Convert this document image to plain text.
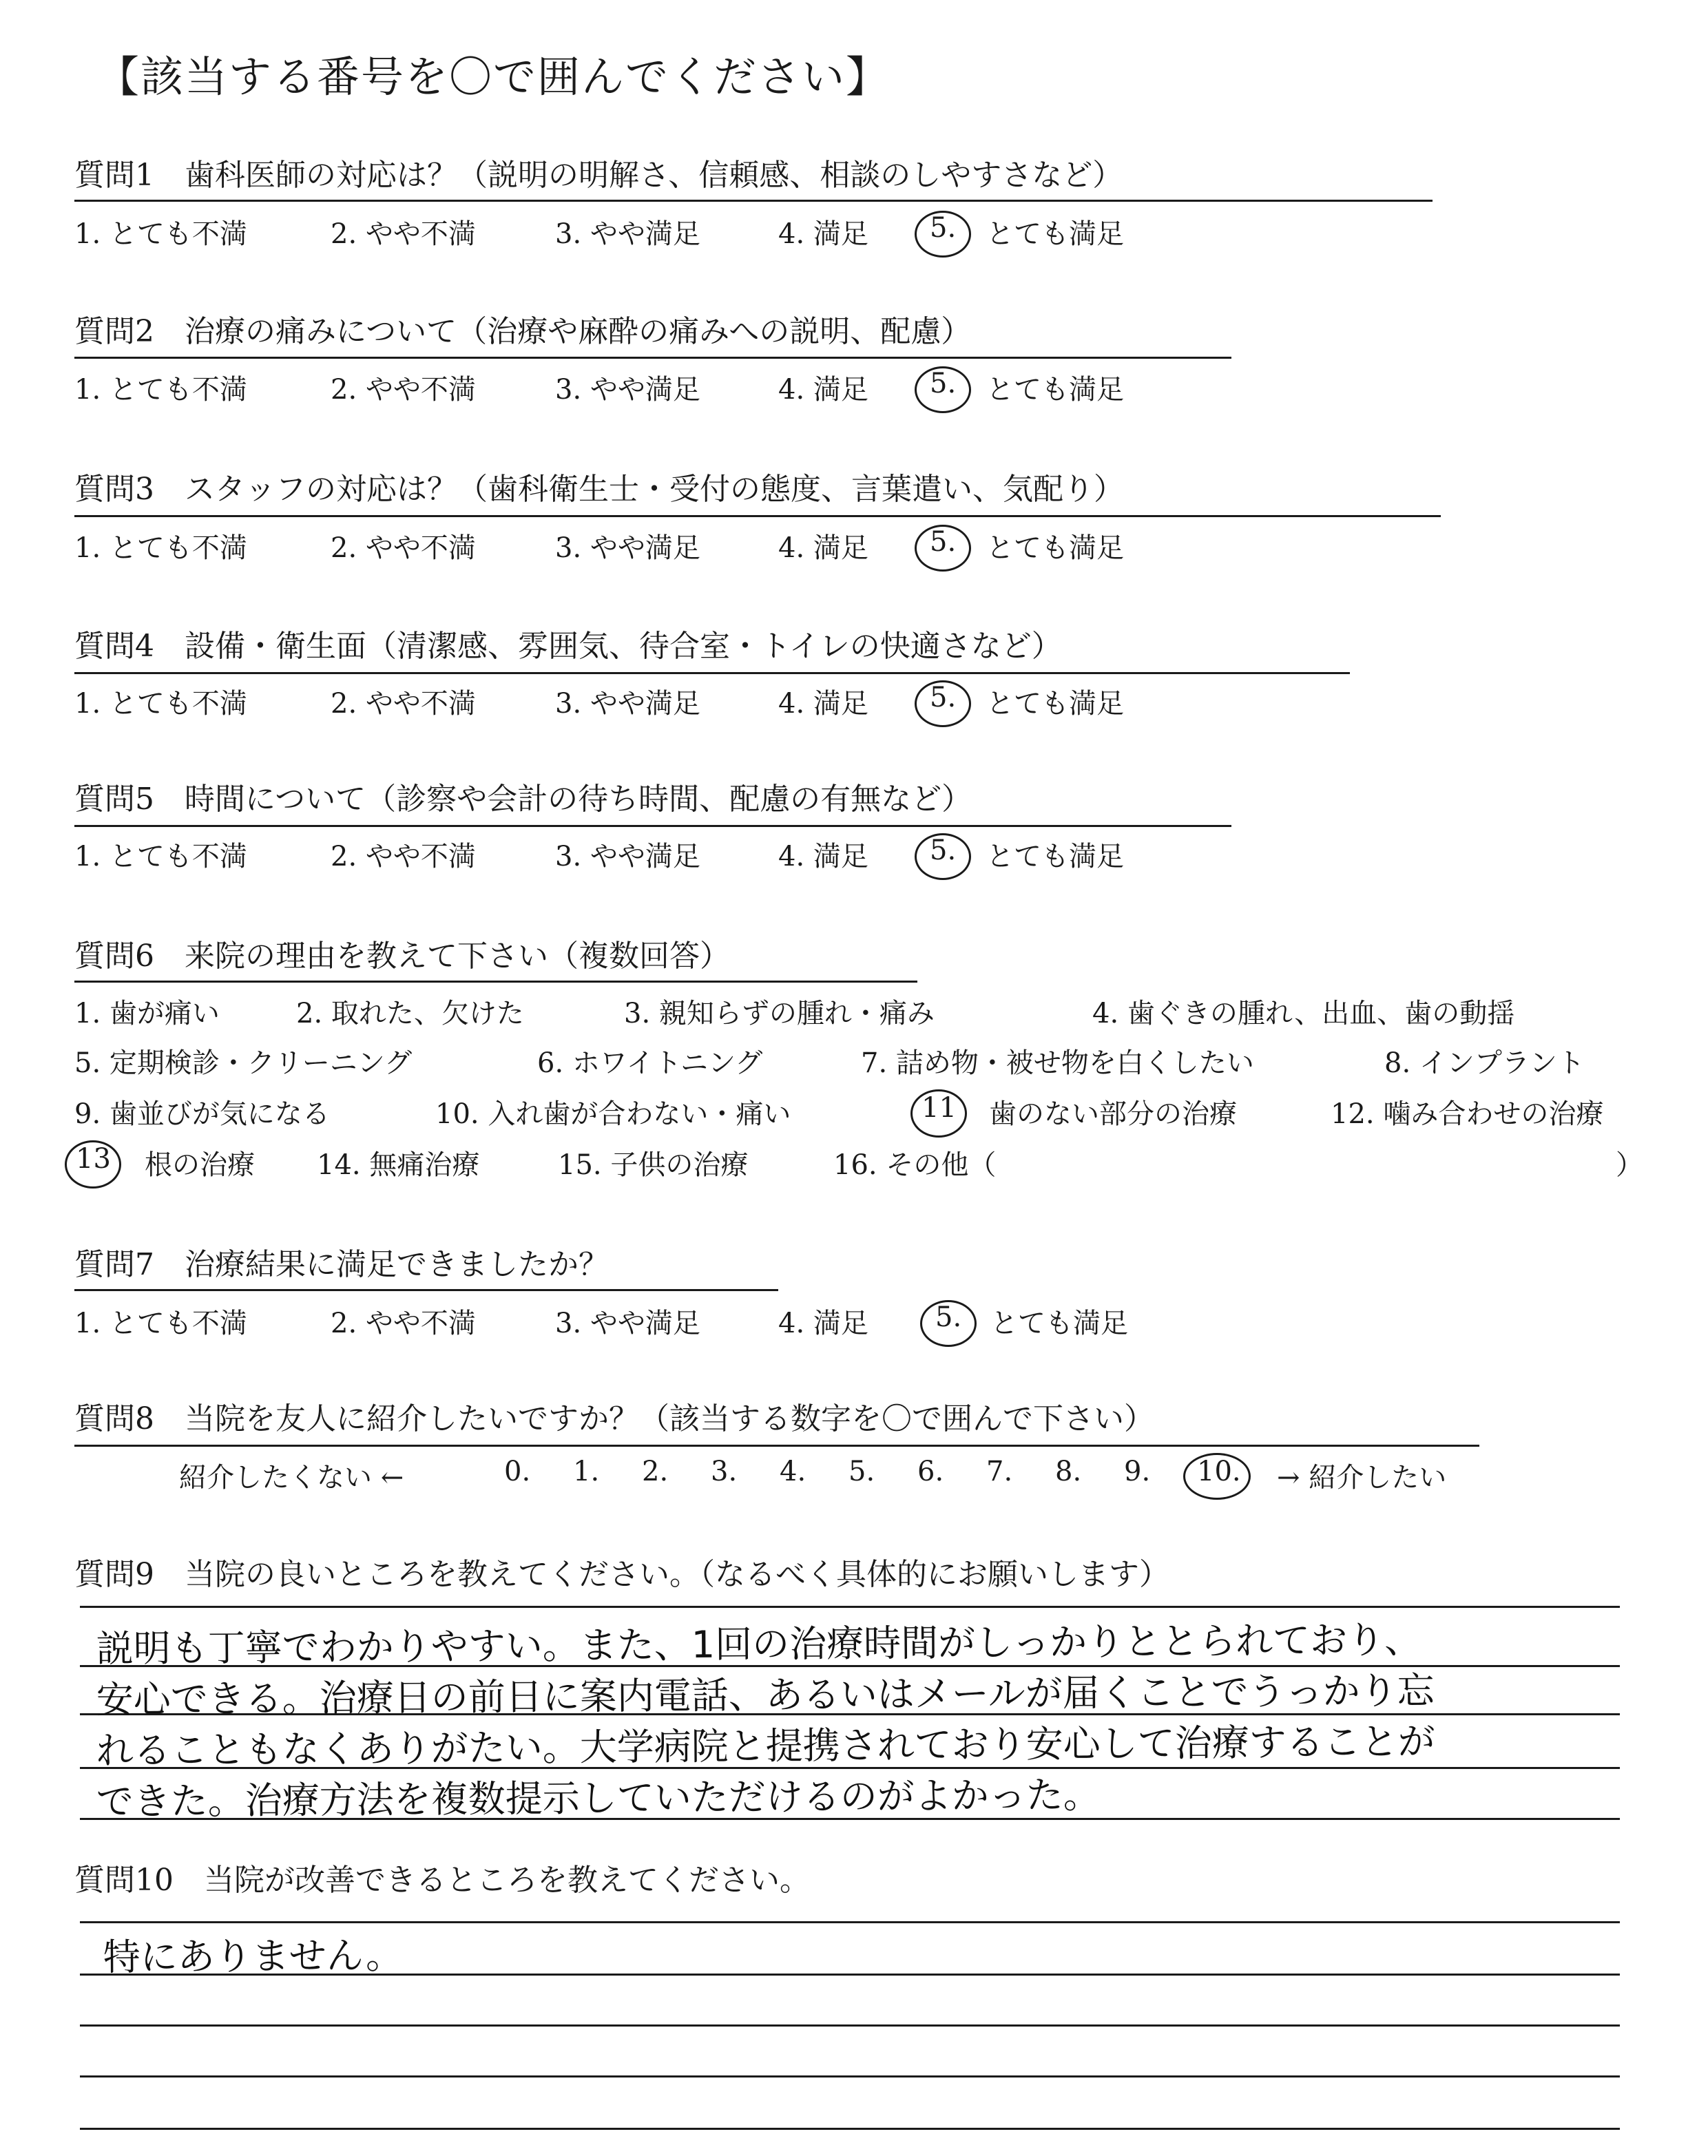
【該当する番号を〇で囲んでください】
質問1　歯科医師の対応は？（説明の明解さ、信頼感、相談のしやすさなど）
1. とても不満	2. やや不満	3. やや満足	4. 満足 5. とても満足
質問2　治療の痛みについて（治療や麻酔の痛みへの説明、配慮）
1. とても不満	2. やや不満	3. やや満足	4. 満足 5. とても満足
質問3　スタッフの対応は？（歯科衛生士・受付の態度、言葉遣い、気配り）
1. とても不満	2. やや不満	3. やや満足	4. 満足 5. とても満足
質問4　設備・衛生面（清潔感、雰囲気、待合室・トイレの快適さなど）
1. とても不満	2. やや不満	3. やや満足	4. 満足 5. とても満足
質問5　時間について（診察や会計の待ち時間、配慮の有無など）
1. とても不満	2. やや不満	3. やや満足	4. 満足 5. とても満足
質問6　来院の理由を教えて下さい（複数回答）
1. 歯が痛い	2. 取れた、欠けた	3. 親知らずの腫れ・痛み	4. 歯ぐきの腫れ、出血、歯の動揺
5. 定期検診・クリーニング	6. ホワイトニング	7. 詰め物・被せ物を白くしたい	8. インプラント
9. 歯並びが気になる	10. 入れ歯が合わない・痛い	11 歯のない部分の治療	12. 噛み合わせの治療
13 根の治療 14. 無痛治療	15. 子供の治療	16. その他（	）
質問7　治療結果に満足できましたか？
1. とても不満	2. やや不満	3. やや満足	4. 満足 5. とても満足
質問8　当院を友人に紹介したいですか？（該当する数字を〇で囲んで下さい）
紹介したくない ←	0. 1. 2. 3. 4. 5. 6. 7. 8. 9. 10. → 紹介したい
質問9　当院の良いところを教えてください。（なるべく具体的にお願いします）
説明も丁寧でわかりやすい。また、1回の治療時間がしっかりととられており、
安心できる。治療日の前日に案内電話、あるいはメールが届くことでうっかり忘
れることもなくありがたい。大学病院と提携されており安心して治療することが
できた。治療方法を複数提示していただけるのがよかった。
質問10　当院が改善できるところを教えてください。
特にありません。
